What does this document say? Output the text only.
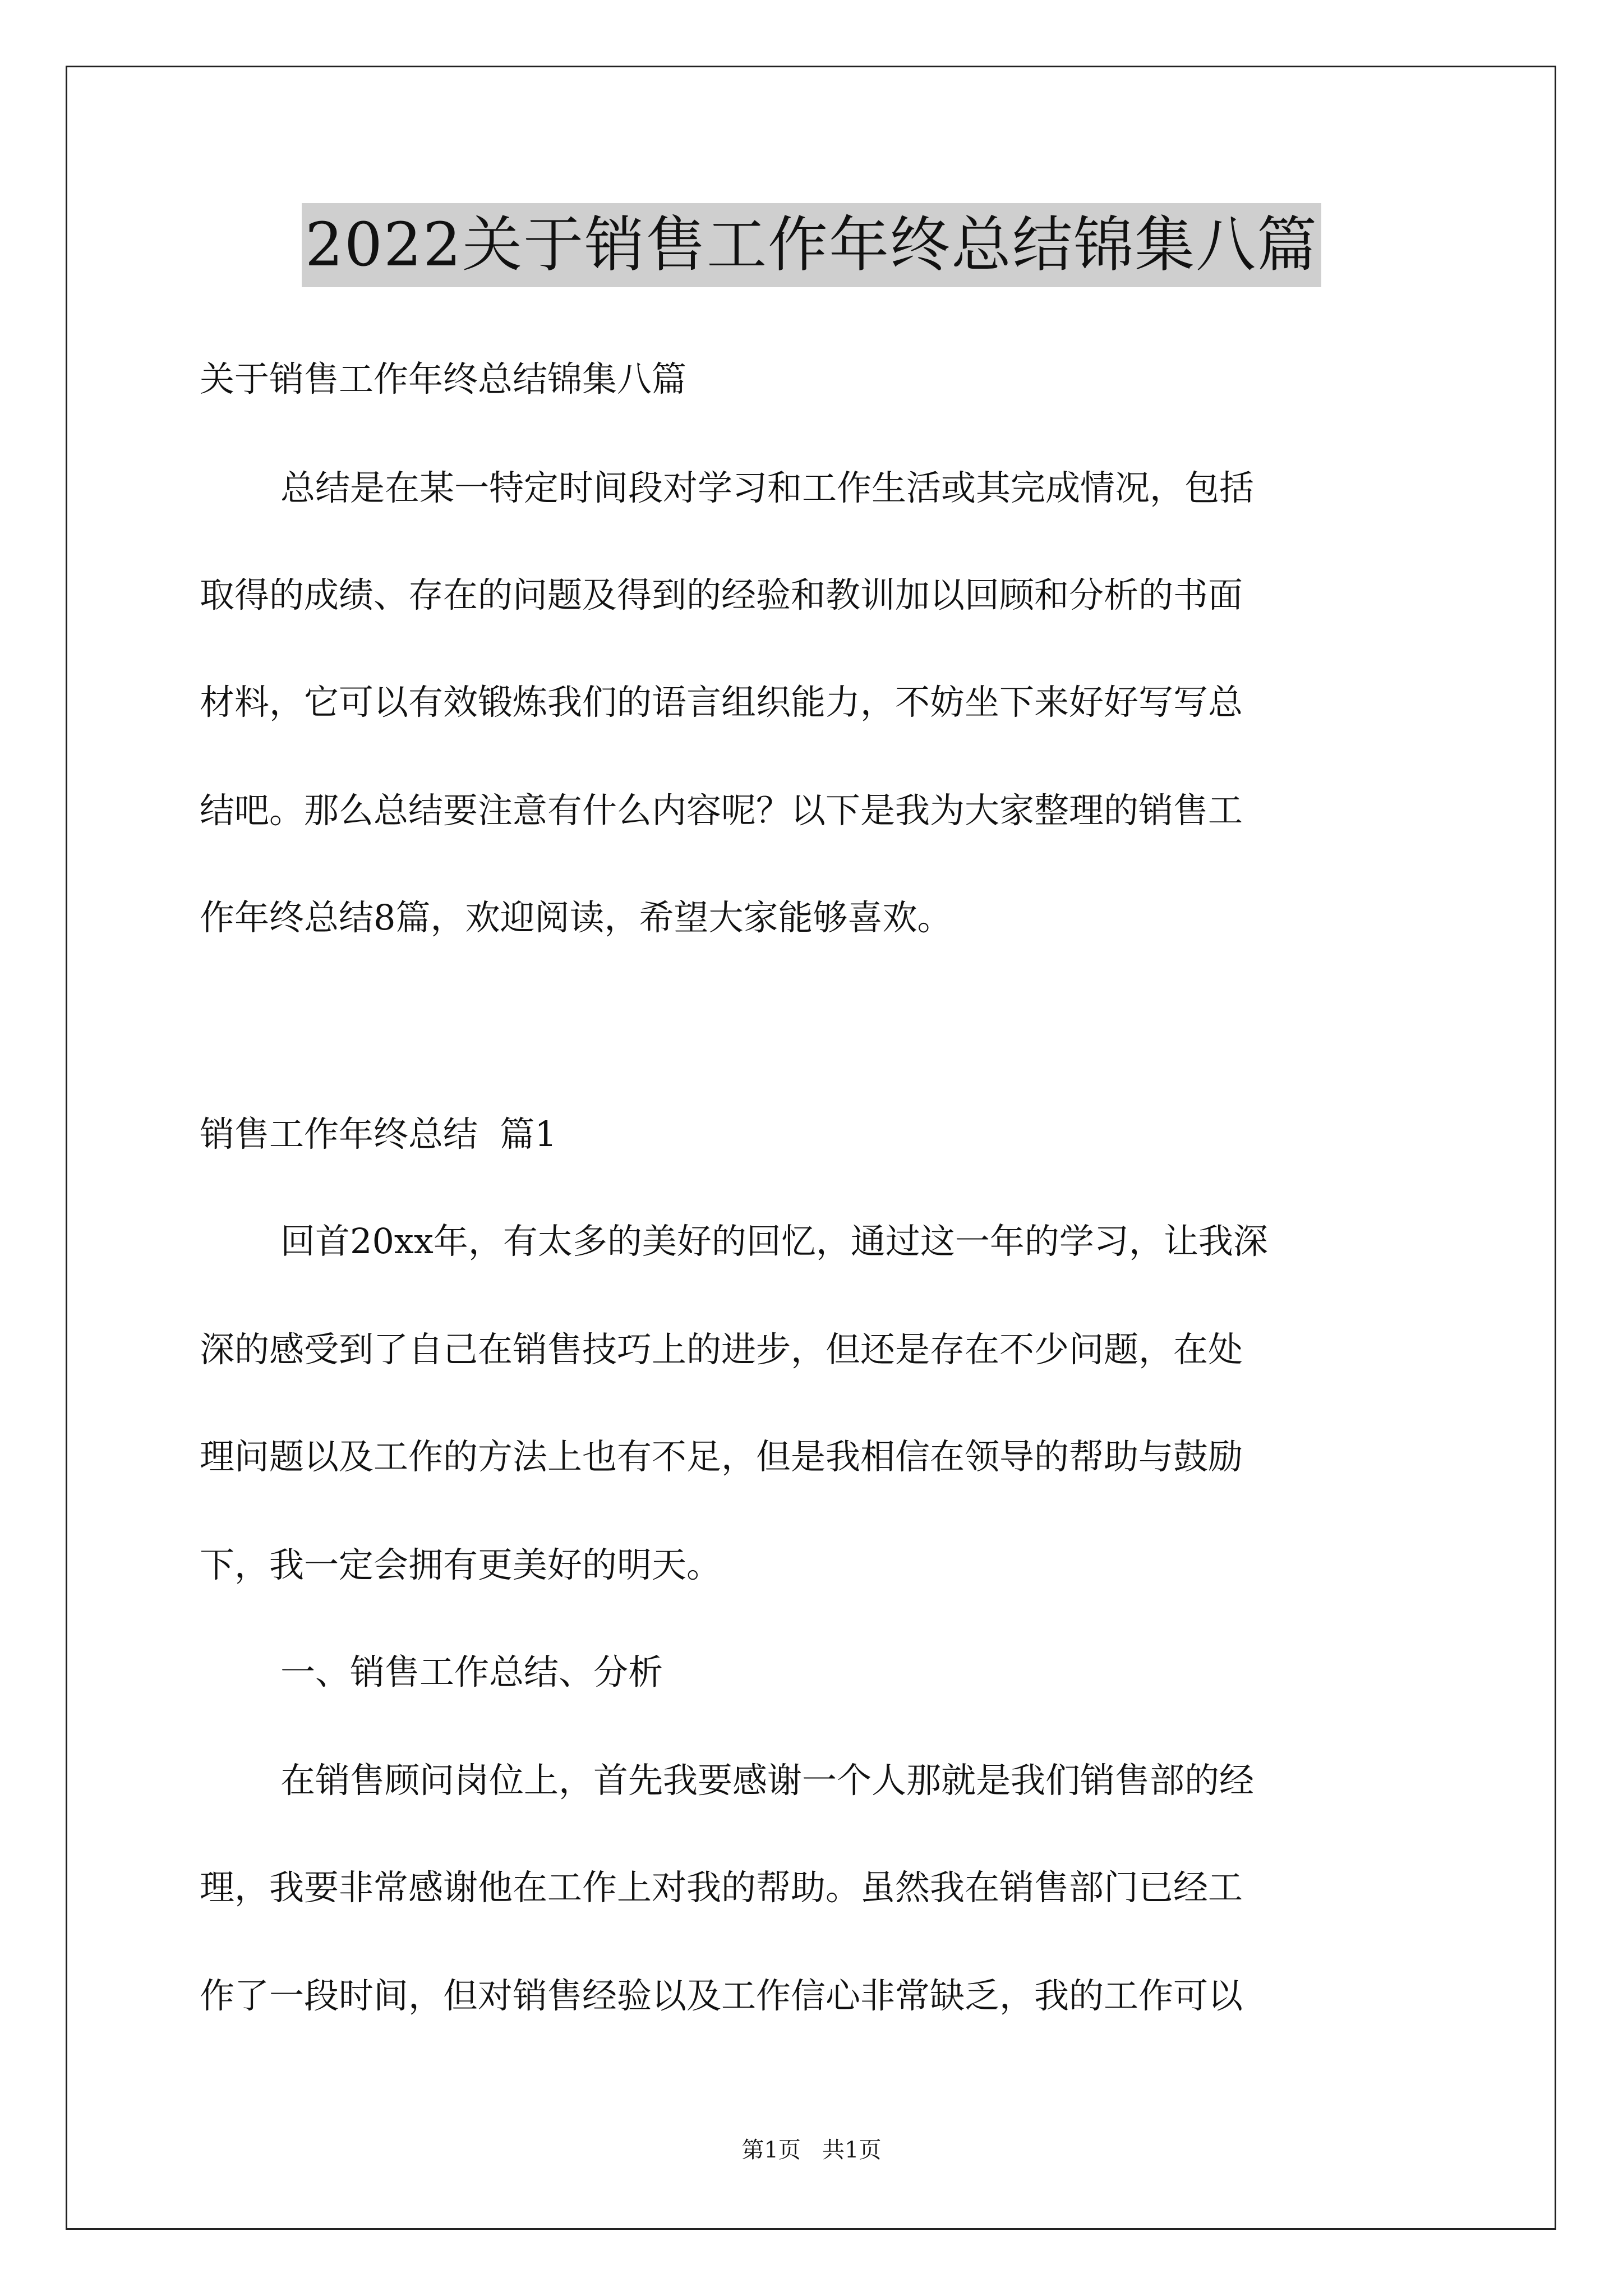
2022关于销售工作年终总结锦集八篇
关于销售工作年终总结锦集八篇
总结是在某一特定时间段对学习和工作生活或其完成情况，包括
取得的成绩、存在的问题及得到的经验和教训加以回顾和分析的书面
材料，它可以有效锻炼我们的语言组织能力，不妨坐下来好好写写总
结吧。那么总结要注意有什么内容呢？以下是我为大家整理的销售工
作年终总结8篇，欢迎阅读，希望大家能够喜欢。
销售工作年终总结  篇1
回首20xx年，有太多的美好的回忆，通过这一年的学习，让我深
深的感受到了自己在销售技巧上的进步，但还是存在不少问题，在处
理问题以及工作的方法上也有不足，但是我相信在领导的帮助与鼓励
下，我一定会拥有更美好的明天。
一、销售工作总结、分析
在销售顾问岗位上，首先我要感谢一个人那就是我们销售部的经
理，我要非常感谢他在工作上对我的帮助。虽然我在销售部门已经工
作了一段时间，但对销售经验以及工作信心非常缺乏，我的工作可以
第1页   共1页
